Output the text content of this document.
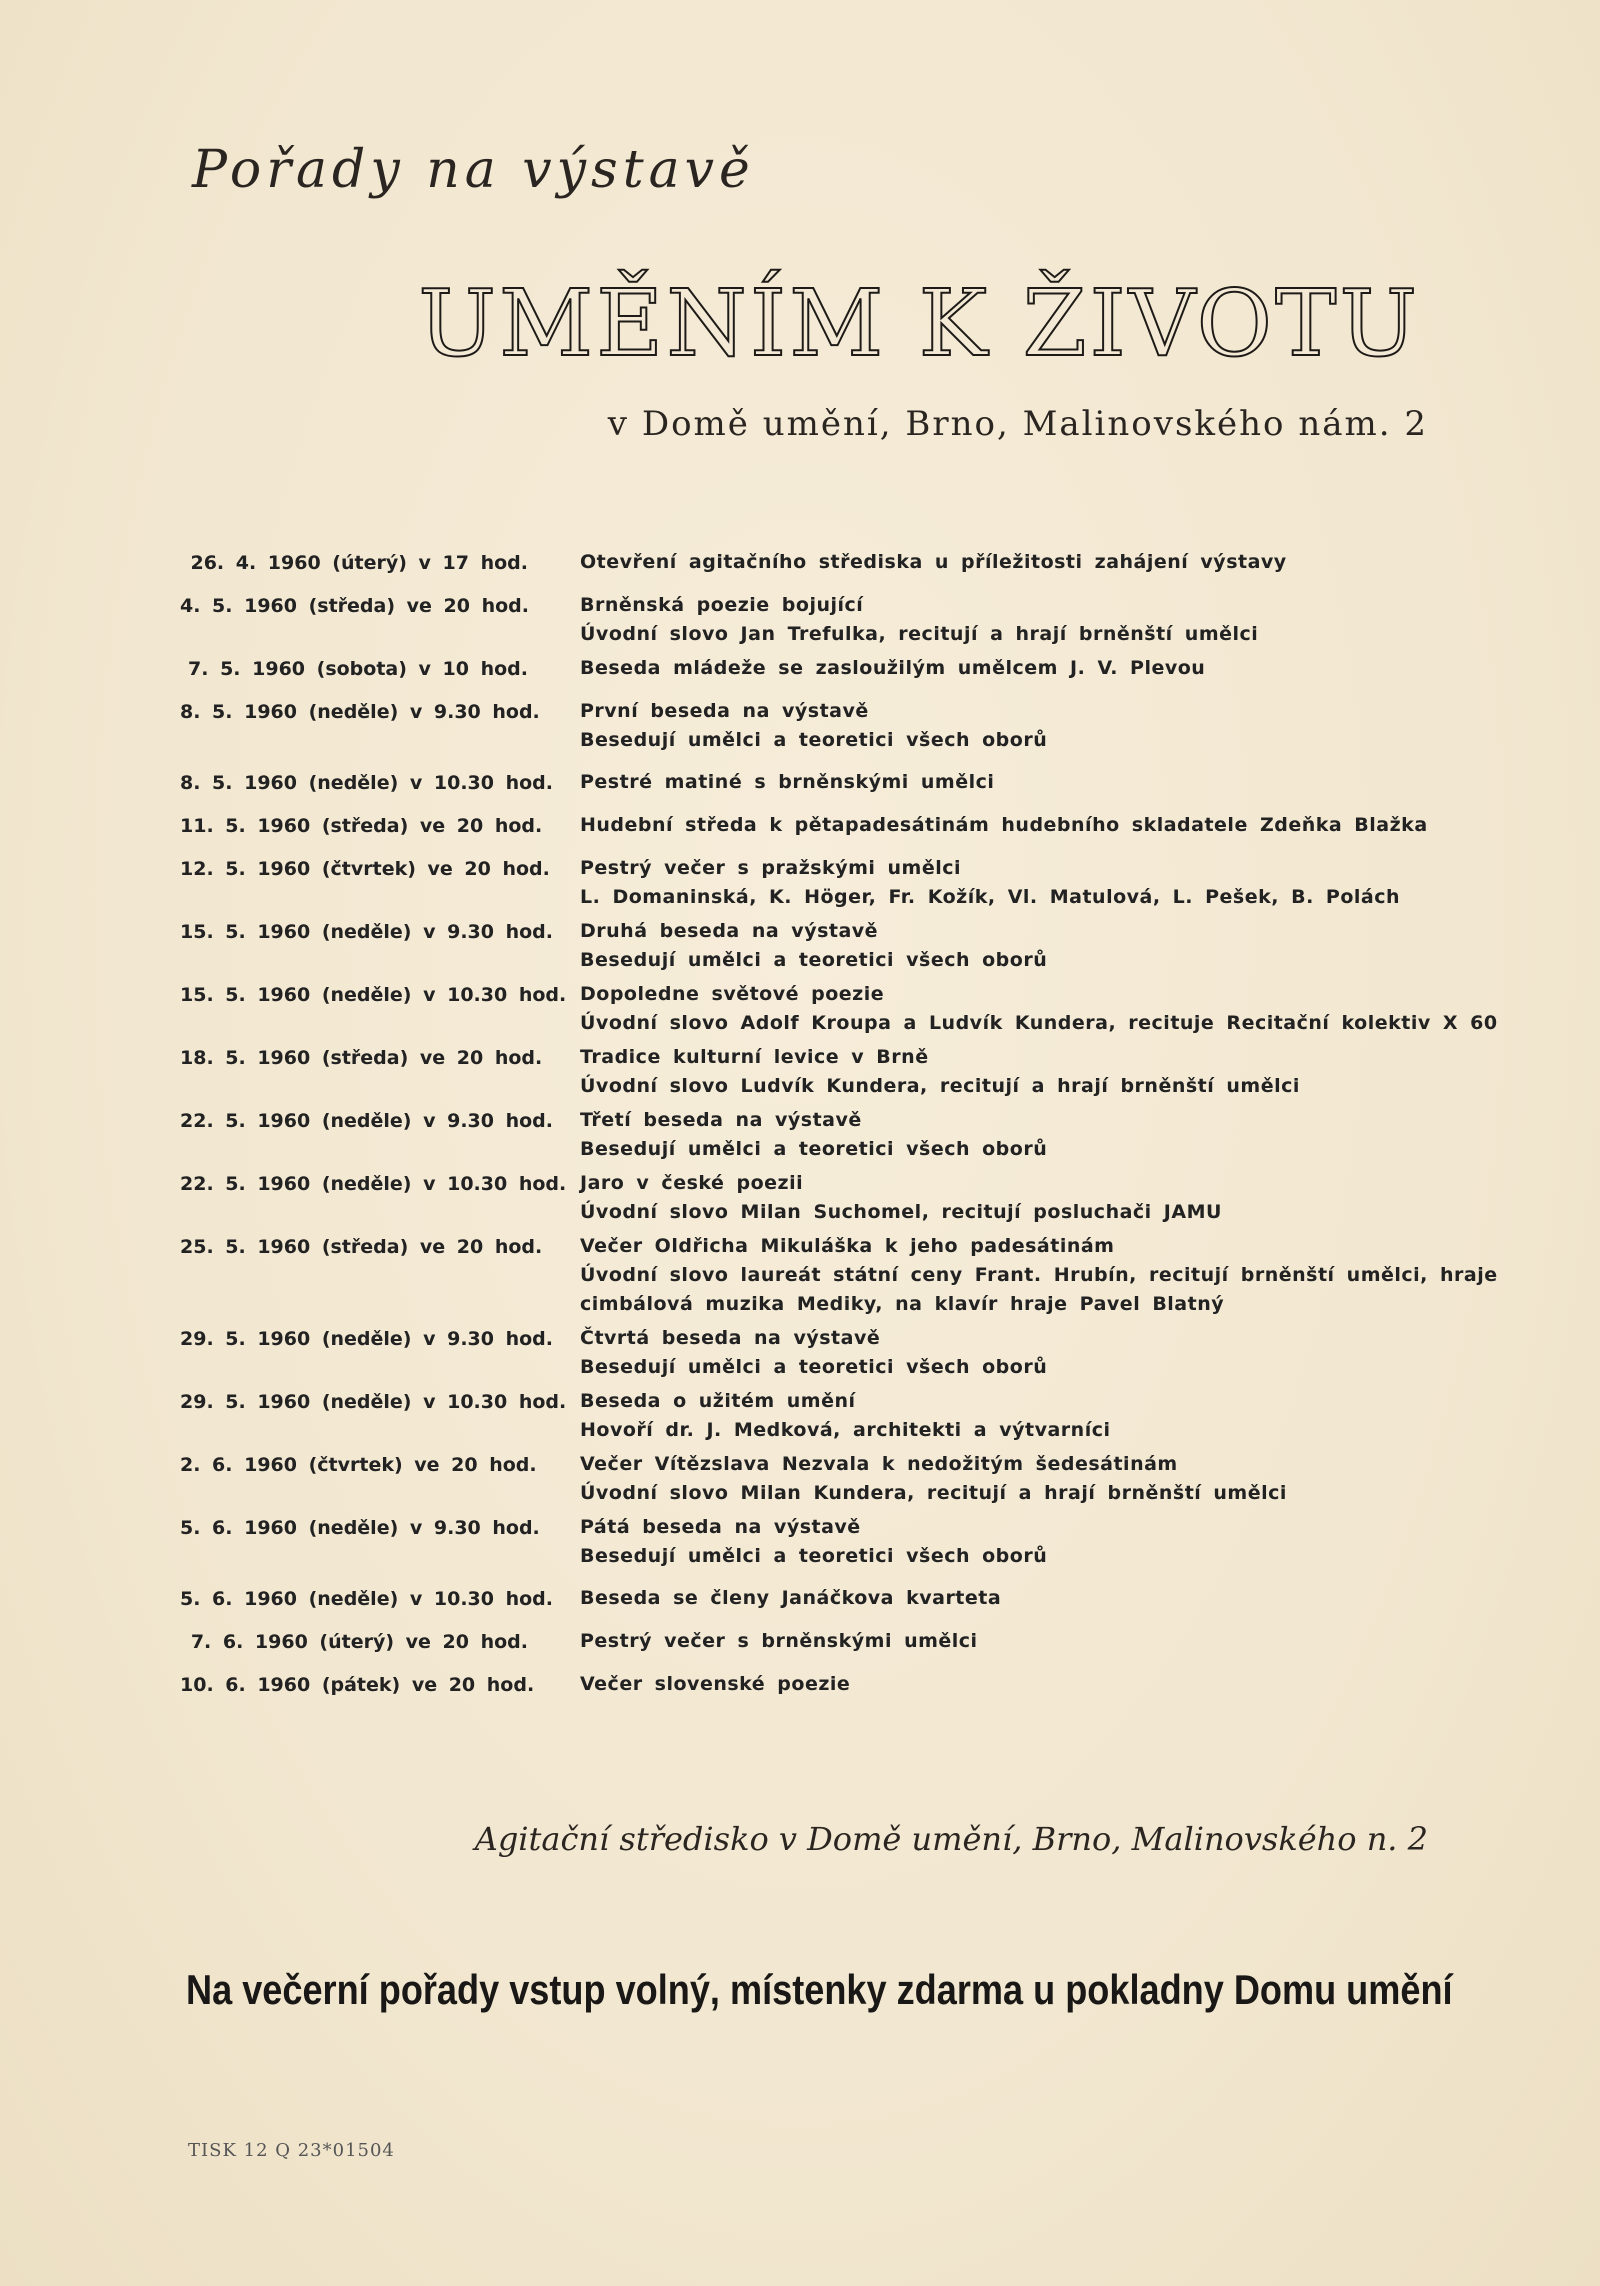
Pořady na výstavě
UMĚNÍM K ŽIVOTU

v Domě umění, Brno, Malinovského nám. 2

26. 4. 1960 (úterý) v 17 hod.	Otevření agitačního střediska u příležitosti zahájení výstavy
4. 5. 1960 (středa) ve 20 hod.	Brněnská poezie bojující
Úvodní slovo Jan Trefulka, recitují a hrají brněnští umělci
7. 5. 1960 (sobota) v 10 hod.	Beseda mládeže se zasloužilým umělcem J. V. Plevou
8. 5. 1960 (neděle) v 9.30 hod.	První beseda na výstavě
Besedují umělci a teoretici všech oborů
8. 5. 1960 (neděle) v 10.30 hod.	Pestré matiné s brněnskými umělci
11. 5. 1960 (středa) ve 20 hod.	Hudební středa k pětapadesátinám hudebního skladatele Zdeňka Blažka
12. 5. 1960 (čtvrtek) ve 20 hod.	Pestrý večer s pražskými umělci
L. Domaninská, K. Höger, Fr. Kožík, Vl. Matulová, L. Pešek, B. Polách
15. 5. 1960 (neděle) v 9.30 hod.	Druhá beseda na výstavě
Besedují umělci a teoretici všech oborů
15. 5. 1960 (neděle) v 10.30 hod. Dopoledne světové poezie
Úvodní slovo Adolf Kroupa a Ludvík Kundera, recituje Recitační kolektiv X 60
18. 5. 1960 (středa) ve 20 hod.	Tradice kulturní levice v Brně
Úvodní slovo Ludvík Kundera, recitují a hrají brněnští umělci
22. 5. 1960 (neděle) v 9.30 hod.	Třetí beseda na výstavě
Besedují umělci a teoretici všech oborů
22. 5. 1960 (neděle) v 10.30 hod. Jaro v české poezii
Úvodní slovo Milan Suchomel, recitují posluchači JAMU
25. 5. 1960 (středa) ve 20 hod.	Večer Oldřicha Mikuláška k jeho padesátinám
Úvodní slovo laureát státní ceny Frant. Hrubín, recitují brněnští umělci, hraje
cimbálová muzika Mediky, na klavír hraje Pavel Blatný
29. 5. 1960 (neděle) v 9.30 hod.	Čtvrtá beseda na výstavě
Besedují umělci a teoretici všech oborů
29. 5. 1960 (neděle) v 10.30 hod. Beseda o užitém umění
Hovoří dr. J. Medková, architekti a výtvarníci
2. 6. 1960 (čtvrtek) ve 20 hod.	Večer Vítězslava Nezvala k nedožitým šedesátinám
Úvodní slovo Milan Kundera, recitují a hrají brněnští umělci
5. 6. 1960 (neděle) v 9.30 hod.	Pátá beseda na výstavě
Besedují umělci a teoretici všech oborů
5. 6. 1960 (neděle) v 10.30 hod.	Beseda se členy Janáčkova kvarteta
7. 6. 1960 (úterý) ve 20 hod.	Pestrý večer s brněnskými umělci
10. 6. 1960 (pátek) ve 20 hod.	Večer slovenské poezie

Agitační středisko v Domě umění, Brno, Malinovského n. 2

Na večerní pořady vstup volný, místenky zdarma u pokladny Domu umění

TISK 12 Q 23*01504
